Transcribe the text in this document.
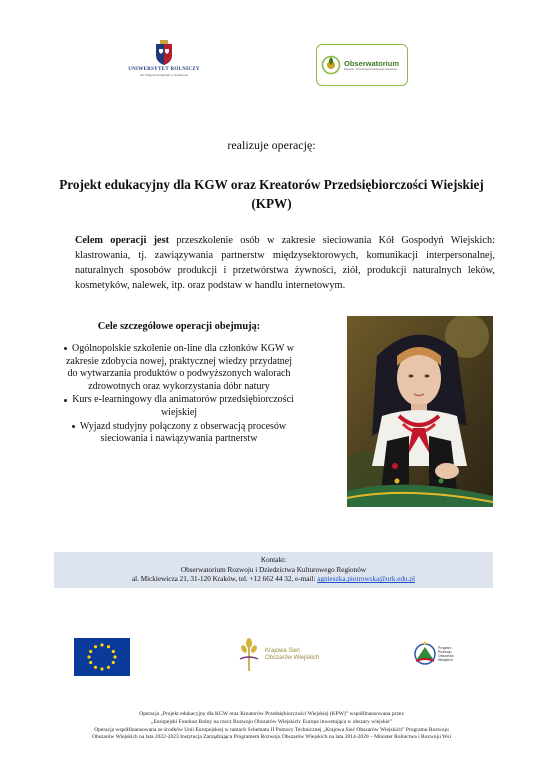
UNIWERSYTET ROLNICZY
im. Hugona Kołłątaja w Krakowie
Obserwatorium
Rozwoju i Dziedzictwa Kulturowego Regionów
realizuje operację:
Projekt edukacyjny dla KGW oraz Kreatorów Przedsiębiorczości Wiejskiej
(KPW)
Celem operacji jest przeszkolenie osób w zakresie sieciowania Kół Gospodyń Wiejskich: klastrowania, tj. zawiązywania partnerstw międzysektorowych, komunikacji interpersonalnej, naturalnych sposobów produkcji i przetwórstwa żywności, ziół, produkcji naturalnych leków, kosmetyków, nalewek, itp. oraz podstaw w handlu internetowym.
Cele szczegółowe operacji obejmują:
Ogólnopolskie szkolenie on-line dla członków KGW w zakresie zdobycia nowej, praktycznej wiedzy przydatnej do wytwarzania produktów o podwyższonych walorach zdrowotnych oraz wykorzystania dóbr natury
Kurs e-learningowy dla animatorów przedsiębiorczości wiejskiej
Wyjazd studyjny połączony z obserwacją procesów sieciowania i nawiązywania partnerstw
Kontakt:
Obserwatorium Rozwoju i Dziedzictwa Kulturowego Regionów
al. Mickiewicza 21, 31-120 Kraków, tel. +12 662 44 32, e-mail: agnieszka.piotrowska@urk.edu.pl
Krajowa Sieć
Obszarów Wiejskich
Program
Rozwoju
Obszarów
Wiejskich
Operacja „Projekt edukacyjny dla KGW oraz Kreatorów Przedsiębiorczości Wiejskiej (KPW)” współfinansowana przez
„Europejski Fundusz Rolny na rzecz Rozwoju Obszarów Wiejskich: Europa inwestująca w obszary wiejskie”
Operacja współfinansowana ze środków Unii Europejskiej w ramach Schematu II Pomocy Technicznej „Krajowa Sieć Obszarów Wiejskich” Programu Rozwoju
Obszarów Wiejskich na lata 2022-2023 Instytucja Zarządzająca Programem Rozwoju Obszarów Wiejskich na lata 2014-2020 – Minister Rolnictwa i Rozwoju Wsi
